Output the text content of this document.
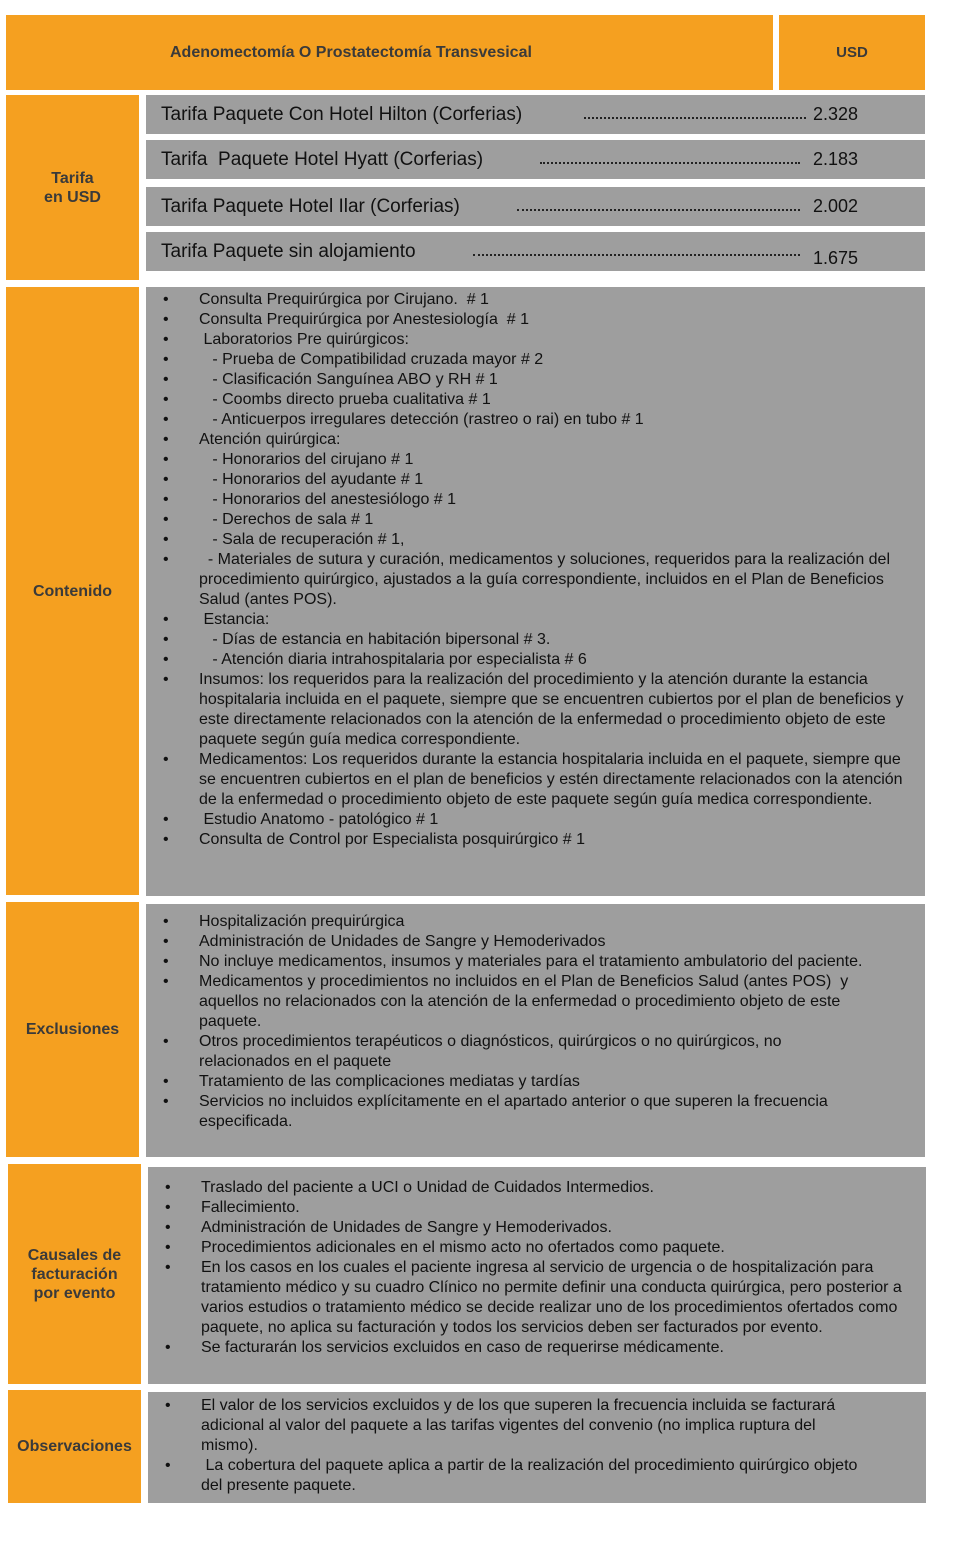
Adenomectomía O Prostatectomía Transvesical	USD
Tarifa
en USD
Tarifa Paquete Con Hotel Hilton (Corferias)	2.328
Tarifa  Paquete Hotel Hyatt (Corferias)	2.183
Tarifa Paquete Hotel Ilar (Corferias)	2.002
Tarifa Paquete sin alojamiento	1.675
Contenido
• Consulta Prequirúrgica por Cirujano.  # 1
• Consulta Prequirúrgica por Anestesiología  # 1
•  Laboratorios Pre quirúrgicos:
•    - Prueba de Compatibilidad cruzada mayor # 2
•    - Clasificación Sanguínea ABO y RH # 1
•    - Coombs directo prueba cualitativa # 1
•    - Anticuerpos irregulares detección (rastreo o rai) en tubo # 1
• Atención quirúrgica:
•    - Honorarios del cirujano # 1
•    - Honorarios del ayudante # 1
•    - Honorarios del anestesiólogo # 1
•    - Derechos de sala # 1
•    - Sala de recuperación # 1,
•   - Materiales de sutura y curación, medicamentos y soluciones, requeridos para la realización del procedimiento quirúrgico, ajustados a la guía correspondiente, incluidos en el Plan de Beneficios Salud (antes POS).
•  Estancia:
•    - Días de estancia en habitación bipersonal # 3.
•    - Atención diaria intrahospitalaria por especialista # 6
• Insumos: los requeridos para la realización del procedimiento y la atención durante la estancia hospitalaria incluida en el paquete, siempre que se encuentren cubiertos por el plan de beneficios y este directamente relacionados con la atención de la enfermedad o procedimiento objeto de este paquete según guía medica correspondiente.
• Medicamentos: Los requeridos durante la estancia hospitalaria incluida en el paquete, siempre que se encuentren cubiertos en el plan de beneficios y estén directamente relacionados con la atención de la enfermedad o procedimiento objeto de este paquete según guía medica correspondiente.
•  Estudio Anatomo - patológico # 1
• Consulta de Control por Especialista posquirúrgico # 1
Exclusiones
• Hospitalización prequirúrgica
• Administración de Unidades de Sangre y Hemoderivados
• No incluye medicamentos, insumos y materiales para el tratamiento ambulatorio del paciente.
• Medicamentos y procedimientos no incluidos en el Plan de Beneficios Salud (antes POS)  y aquellos no relacionados con la atención de la enfermedad o procedimiento objeto de este paquete.
• Otros procedimientos terapéuticos o diagnósticos, quirúrgicos o no quirúrgicos, no relacionados en el paquete
• Tratamiento de las complicaciones mediatas y tardías
• Servicios no incluidos explícitamente en el apartado anterior o que superen la frecuencia especificada.
Causales de
facturación
por evento
• Traslado del paciente a UCI o Unidad de Cuidados Intermedios.
• Fallecimiento.
• Administración de Unidades de Sangre y Hemoderivados.
• Procedimientos adicionales en el mismo acto no ofertados como paquete.
• En los casos en los cuales el paciente ingresa al servicio de urgencia o de hospitalización para tratamiento médico y su cuadro Clínico no permite definir una conducta quirúrgica, pero posterior a varios estudios o tratamiento médico se decide realizar uno de los procedimientos ofertados como paquete, no aplica su facturación y todos los servicios deben ser facturados por evento.
• Se facturarán los servicios excluidos en caso de requerirse médicamente.
Observaciones
• El valor de los servicios excluidos y de los que superen la frecuencia incluida se facturará adicional al valor del paquete a las tarifas vigentes del convenio (no implica ruptura del mismo).
•  La cobertura del paquete aplica a partir de la realización del procedimiento quirúrgico objeto del presente paquete.
